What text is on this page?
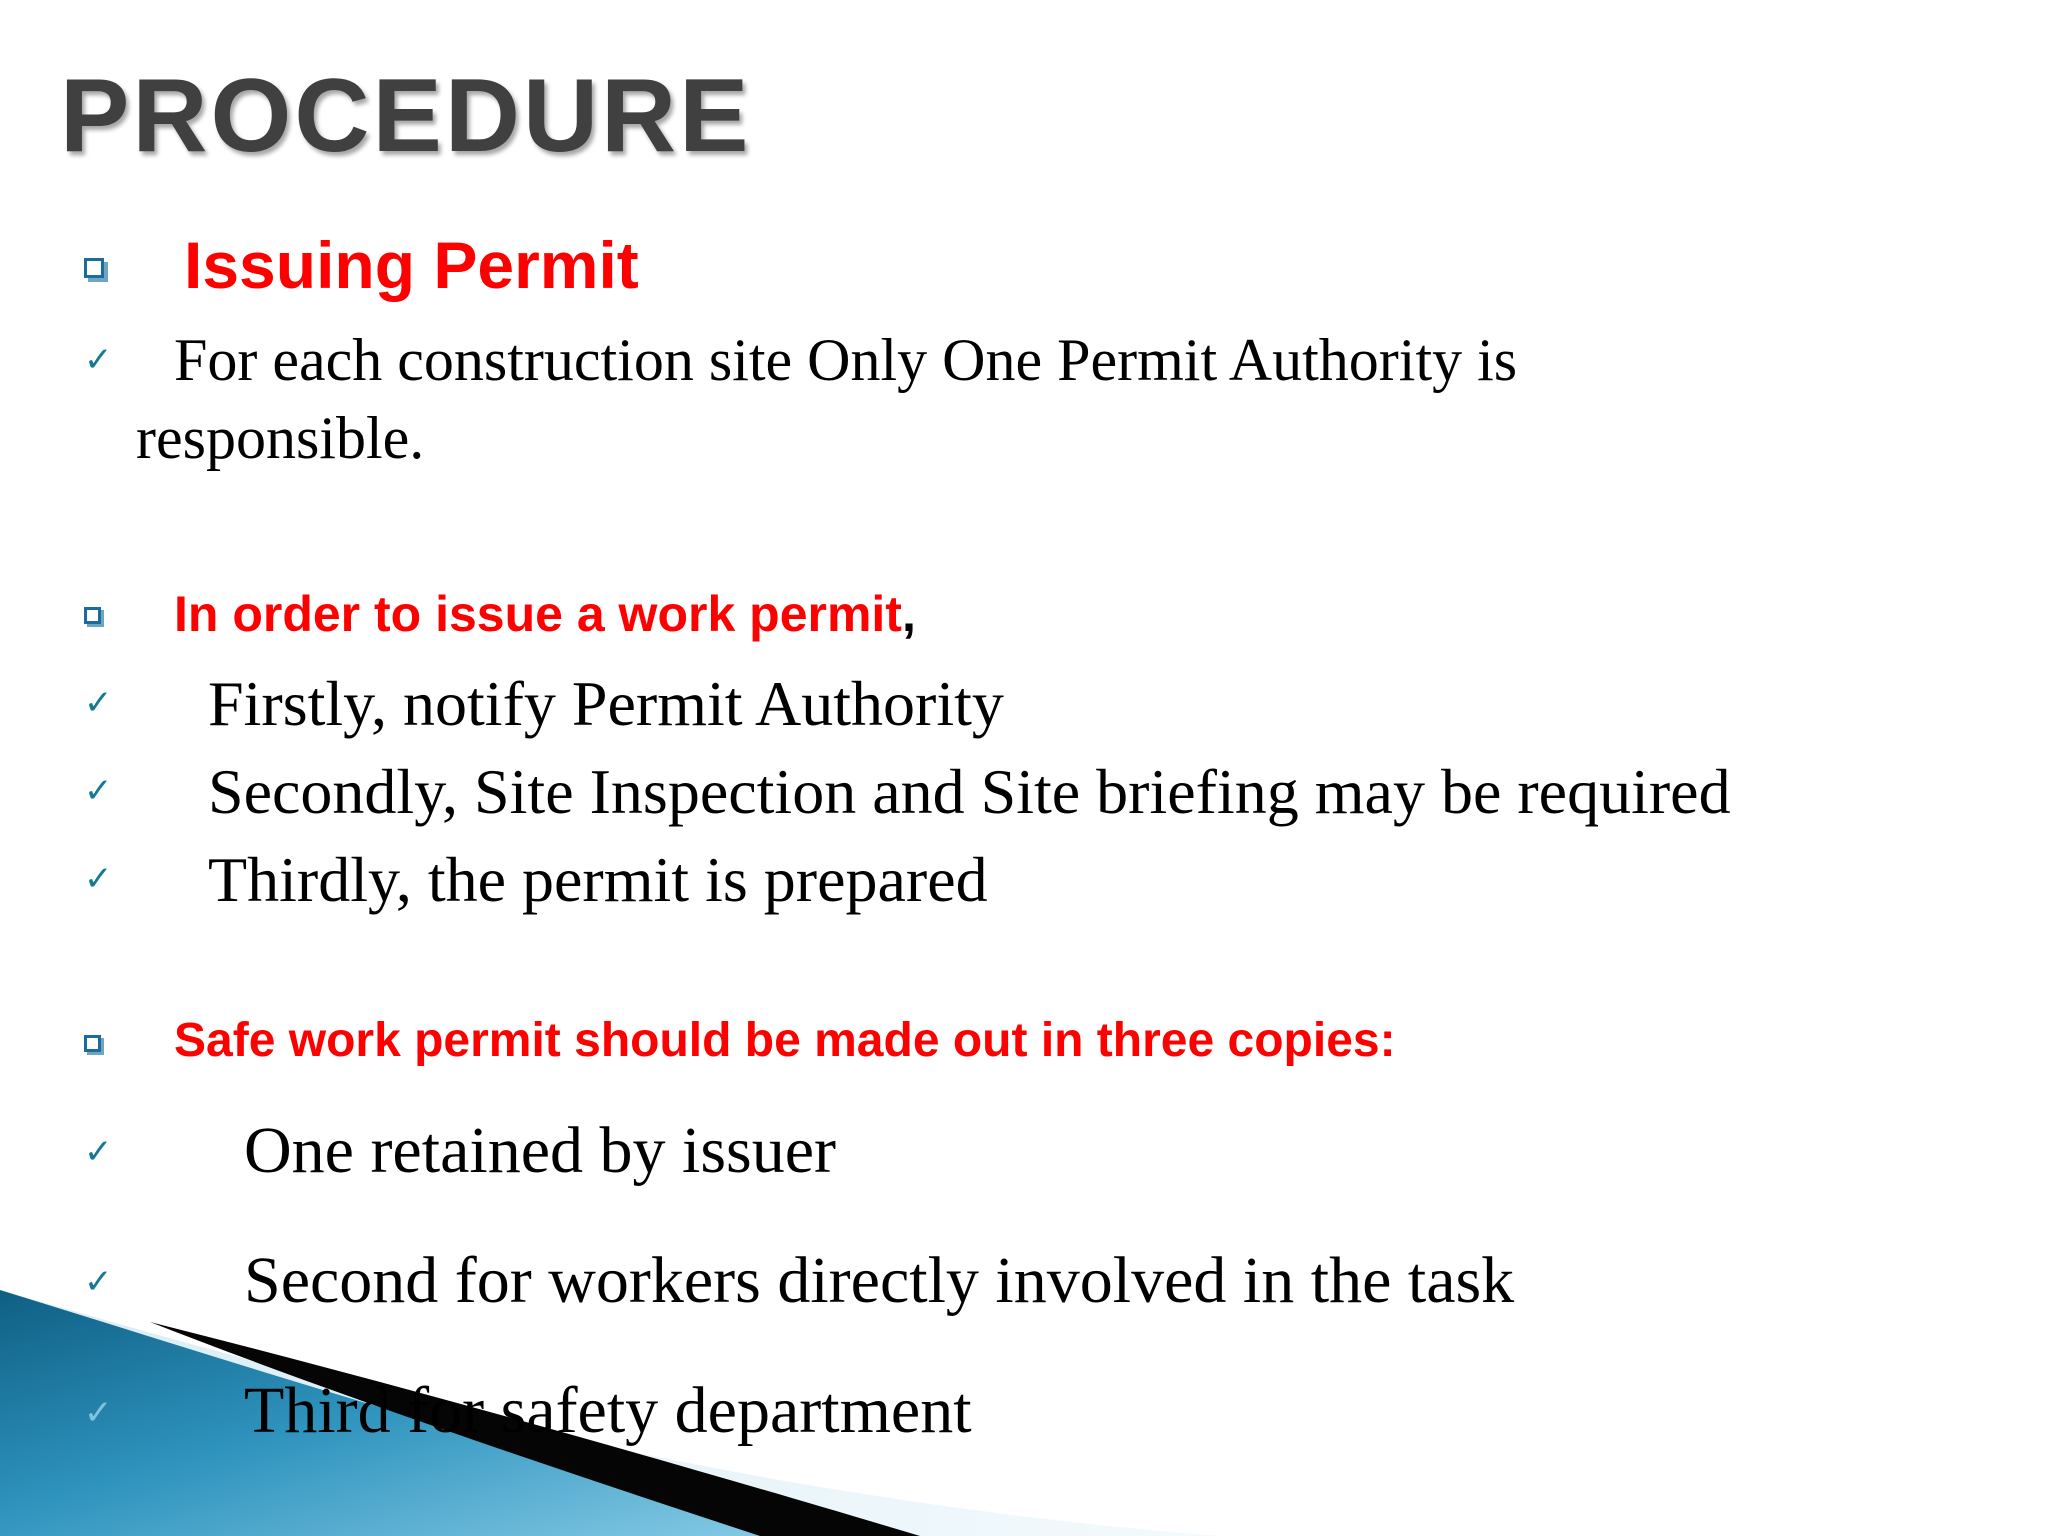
PROCEDURE
Issuing Permit
✓ For each construction site Only One Permit Authority is
responsible.
In order to issue a work permit,
✓ Firstly, notify Permit Authority
✓ Secondly, Site Inspection and Site briefing may be required
✓ Thirdly, the permit is prepared
Safe work permit should be made out in three copies:
✓ One retained by issuer
✓ Second for workers directly involved in the task
✓ Third for safety department
